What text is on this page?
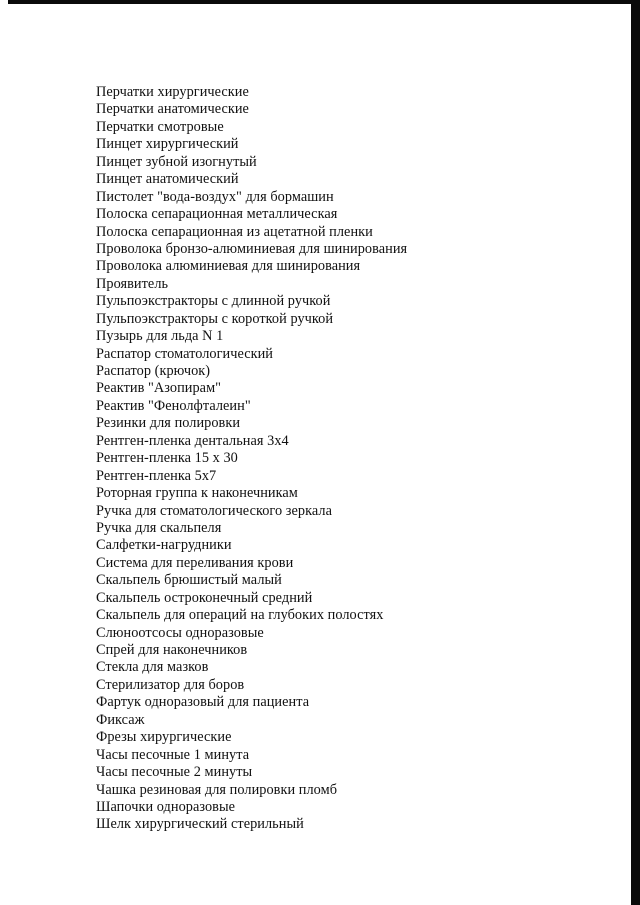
Перчатки хирургические
Перчатки анатомические
Перчатки смотровые
Пинцет хирургический
Пинцет зубной изогнутый
Пинцет анатомический
Пистолет "вода-воздух" для бормашин
Полоска сепарационная металлическая
Полоска сепарационная из ацетатной пленки
Проволока бронзо-алюминиевая для шинирования
Проволока алюминиевая для шинирования
Проявитель
Пульпоэкстракторы с длинной ручкой
Пульпоэкстракторы с короткой ручкой
Пузырь для льда N 1
Распатор стоматологический
Распатор (крючок)
Реактив "Азопирам"
Реактив "Фенолфталеин"
Резинки для полировки
Рентген-пленка дентальная 3х4
Рентген-пленка 15 х 30
Рентген-пленка 5х7
Роторная группа к наконечникам
Ручка для стоматологического зеркала
Ручка для скальпеля
Салфетки-нагрудники
Система для переливания крови
Скальпель брюшистый малый
Скальпель остроконечный средний
Скальпель для операций на глубоких полостях
Слюноотсосы одноразовые
Спрей для наконечников
Стекла для мазков
Стерилизатор для боров
Фартук одноразовый для пациента
Фиксаж
Фрезы хирургические
Часы песочные 1 минута
Часы песочные 2 минуты
Чашка резиновая для полировки пломб
Шапочки одноразовые
Шелк хирургический стерильный
